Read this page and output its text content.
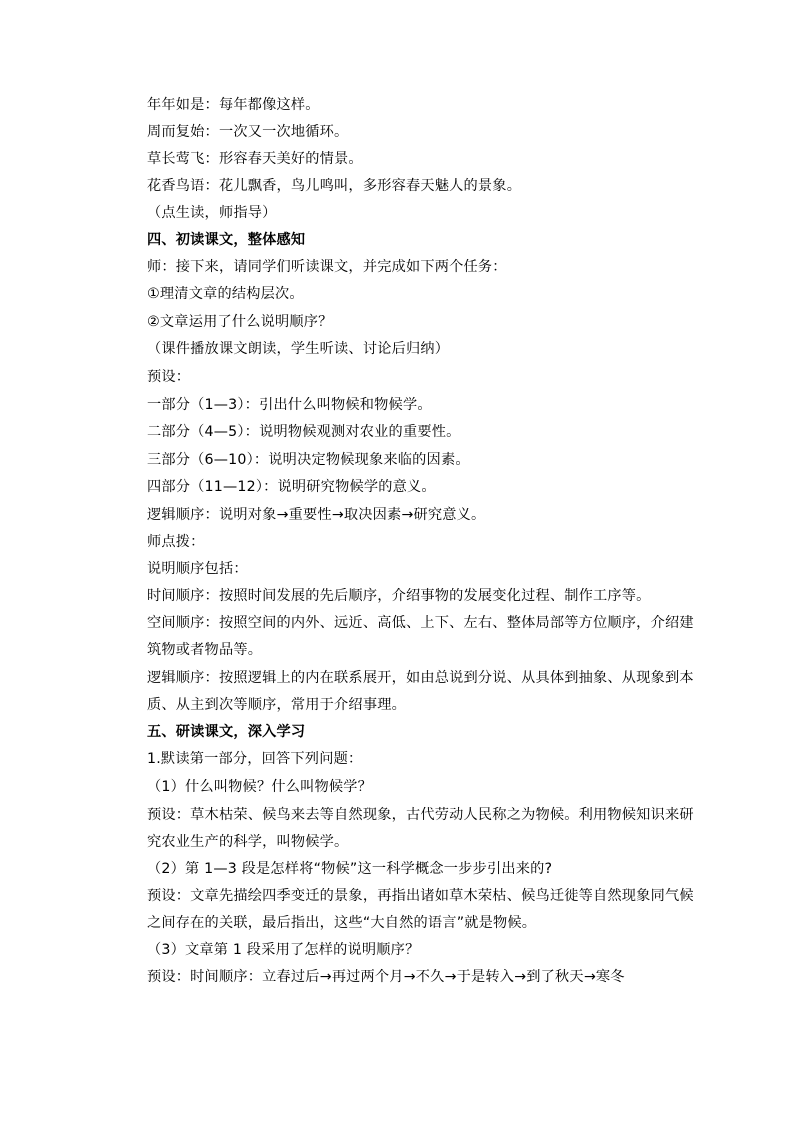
年年如是：每年都像这样。
周而复始：一次又一次地循环。
草长莺飞：形容春天美好的情景。
花香鸟语：花儿飘香，鸟儿鸣叫，多形容春天魅人的景象。
（点生读，师指导）
四、初读课文，整体感知
师：接下来，请同学们听读课文，并完成如下两个任务：
①理清文章的结构层次。
②文章运用了什么说明顺序？
（课件播放课文朗读，学生听读、讨论后归纳）
预设：
一部分（1—3）：引出什么叫物候和物候学。
二部分（4—5）：说明物候观测对农业的重要性。
三部分（6—10）：说明决定物候现象来临的因素。
四部分（11—12）：说明研究物候学的意义。
逻辑顺序：说明对象→重要性→取决因素→研究意义。
师点拨：
说明顺序包括：
时间顺序：按照时间发展的先后顺序，介绍事物的发展变化过程、制作工序等。
空间顺序：按照空间的内外、远近、高低、上下、左右、整体局部等方位顺序，介绍建
筑物或者物品等。
逻辑顺序：按照逻辑上的内在联系展开，如由总说到分说、从具体到抽象、从现象到本
质、从主到次等顺序，常用于介绍事理。
五、研读课文，深入学习
1.默读第一部分，回答下列问题：
（1）什么叫物候？什么叫物候学？
预设：草木枯荣、候鸟来去等自然现象，古代劳动人民称之为物候。利用物候知识来研
究农业生产的科学，叫物候学。
（2）第 1—3 段是怎样将“物候”这一科学概念一步步引出来的?
预设：文章先描绘四季变迁的景象，再指出诸如草木荣枯、候鸟迁徙等自然现象同气候
之间存在的关联，最后指出，这些“大自然的语言”就是物候。
（3）文章第 1 段采用了怎样的说明顺序？
预设：时间顺序：立春过后→再过两个月→不久→于是转入→到了秋天→寒冬
